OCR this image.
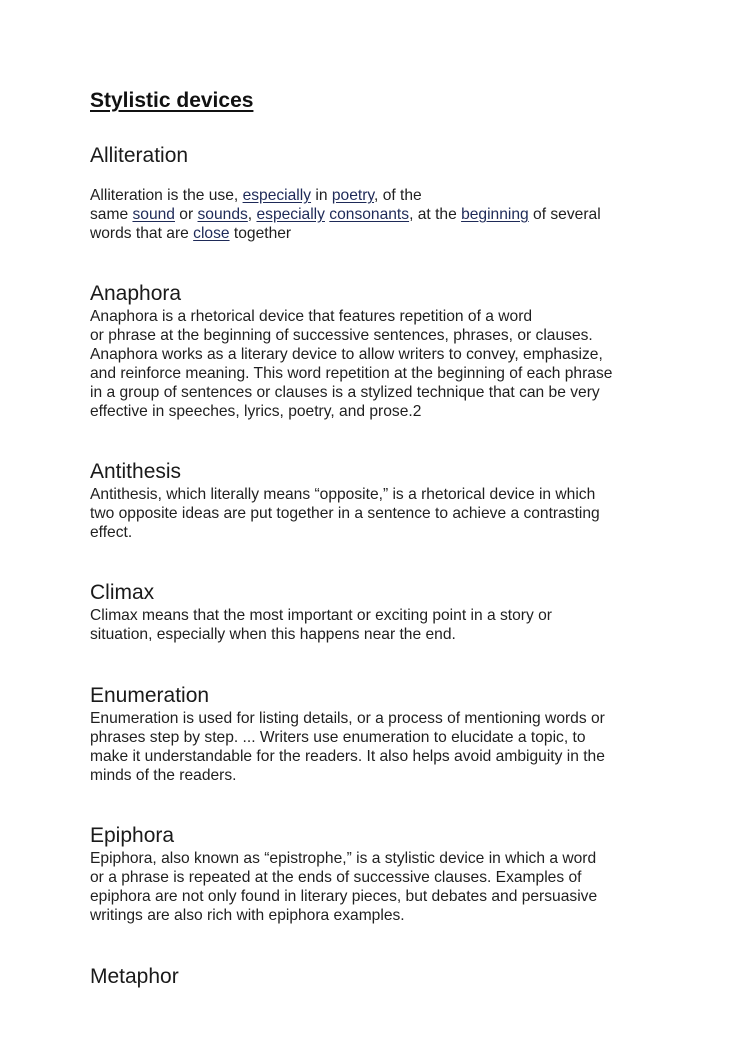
Stylistic devices
Alliteration

Alliteration is the use, especially in poetry, of the
same sound or sounds, especially consonants, at the beginning of several
words that are close together

Anaphora

Anaphora is a rhetorical device that features repetition of a word
or phrase at the beginning of successive sentences, phrases, or clauses.
Anaphora works as a literary device to allow writers to convey, emphasize,
and reinforce meaning. This word repetition at the beginning of each phrase
in a group of sentences or clauses is a stylized technique that can be very
effective in speeches, lyrics, poetry, and prose.2

Antithesis

Antithesis, which literally means “opposite,” is a rhetorical device in which
two opposite ideas are put together in a sentence to achieve a contrasting
effect.

Climax

Climax means that the most important or exciting point in a story or
situation, especially when this happens near the end.

Enumeration

Enumeration is used for listing details, or a process of mentioning words or
phrases step by step. ... Writers use enumeration to elucidate a topic, to
make it understandable for the readers. It also helps avoid ambiguity in the
minds of the readers.

Epiphora

Epiphora, also known as “epistrophe,” is a stylistic device in which a word
or a phrase is repeated at the ends of successive clauses. Examples of
epiphora are not only found in literary pieces, but debates and persuasive
writings are also rich with epiphora examples.

Metaphor
